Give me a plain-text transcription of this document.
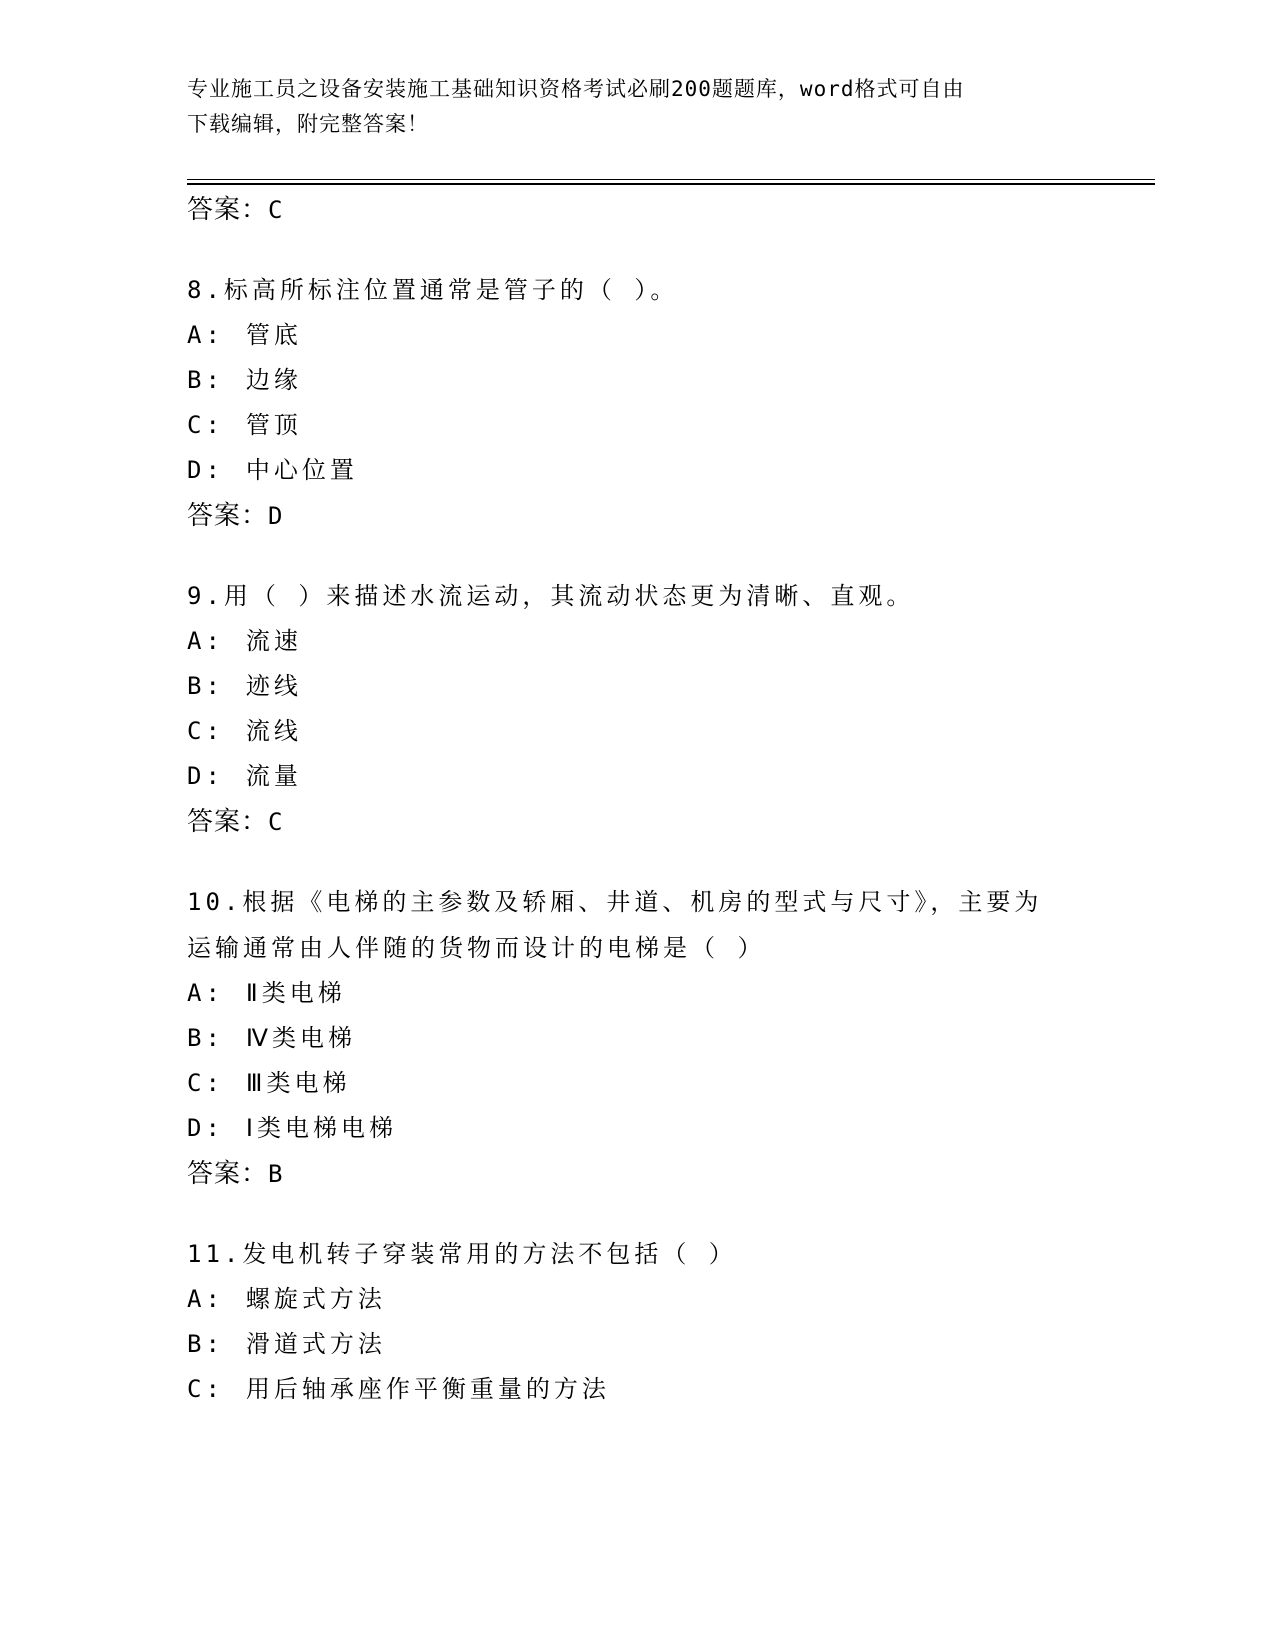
专业施工员之设备安装施工基础知识资格考试必刷200题题库，word格式可自由
下载编辑，附完整答案！
答案：C
8.标高所标注位置通常是管子的（ ）。
A: 管底
B: 边缘
C: 管顶
D: 中心位置
答案：D
9.用（ ）来描述水流运动，其流动状态更为清晰、直观。
A: 流速
B: 迹线
C: 流线
D: 流量
答案：C
10.根据《电梯的主参数及轿厢、井道、机房的型式与尺寸》，主要为
运输通常由人伴随的货物而设计的电梯是（ ）
A: Ⅱ类电梯
B: Ⅳ类电梯
C: Ⅲ类电梯
D: Ⅰ类电梯电梯
答案：B
11.发电机转子穿装常用的方法不包括（ ）
A: 螺旋式方法
B: 滑道式方法
C: 用后轴承座作平衡重量的方法
